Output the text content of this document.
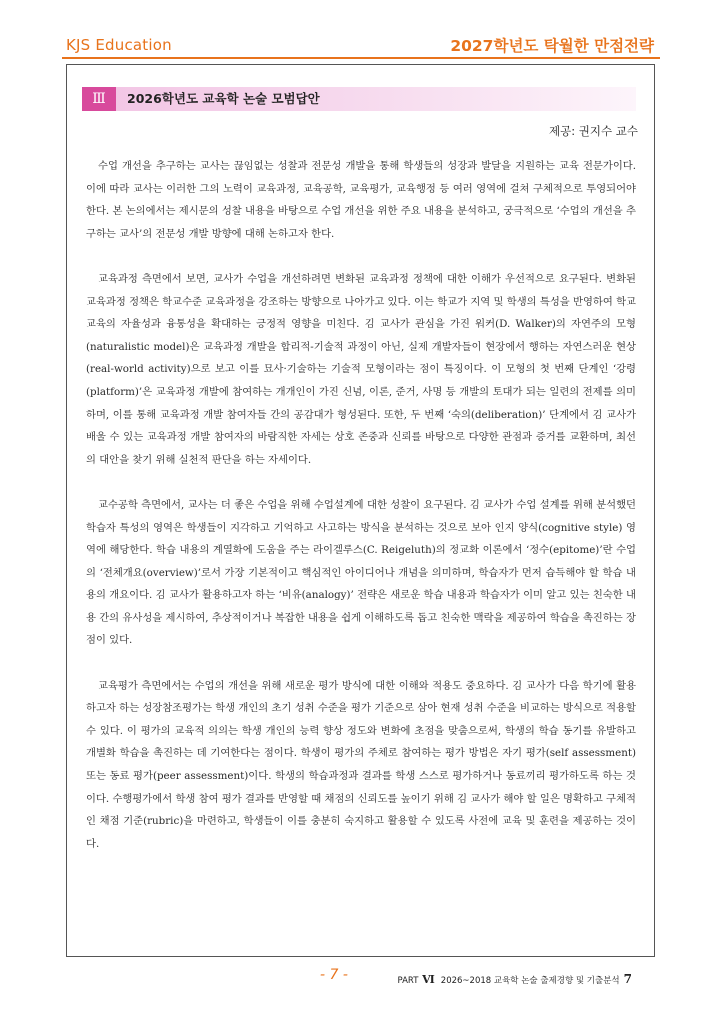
KJS Education	2027학년도 탁월한 만점전략
Ⅲ	2026학년도 교육학 논술 모범답안
제공: 권지수 교수

수업 개선을 추구하는 교사는 끊임없는 성찰과 전문성 개발을 통해 학생들의 성장과 발달을 지원하는 교육 전문가이다. 이에 따라 교사는 이러한 그의 노력이 교육과정, 교육공학, 교육평가, 교육행정 등 여러 영역에 걸쳐 구체적으로 투영되어야 한다. 본 논의에서는 제시문의 성찰 내용을 바탕으로 수업 개선을 위한 주요 내용을 분석하고, 궁극적으로 ‘수업의 개선을 추구하는 교사’의 전문성 개발 방향에 대해 논하고자 한다.

교육과정 측면에서 보면, 교사가 수업을 개선하려면 변화된 교육과정 정책에 대한 이해가 우선적으로 요구된다. 변화된 교육과정 정책은 학교수준 교육과정을 강조하는 방향으로 나아가고 있다. 이는 학교가 지역 및 학생의 특성을 반영하여 학교교육의 자율성과 융통성을 확대하는 긍정적 영향을 미친다. 김 교사가 관심을 가진 워커(D. Walker)의 자연주의 모형(naturalistic model)은 교육과정 개발을 합리적-기술적 과정이 아닌, 실제 개발자들이 현장에서 행하는 자연스러운 현상(real-world activity)으로 보고 이를 묘사·기술하는 기술적 모형이라는 점이 특징이다. 이 모형의 첫 번째 단계인 ‘강령(platform)’은 교육과정 개발에 참여하는 개개인이 가진 신념, 이론, 준거, 사명 등 개발의 토대가 되는 일련의 전제를 의미하며, 이를 통해 교육과정 개발 참여자들 간의 공감대가 형성된다. 또한, 두 번째 ‘숙의(deliberation)’ 단계에서 김 교사가 배울 수 있는 교육과정 개발 참여자의 바람직한 자세는 상호 존중과 신뢰를 바탕으로 다양한 관점과 증거를 교환하며, 최선의 대안을 찾기 위해 실천적 판단을 하는 자세이다.

교수공학 측면에서, 교사는 더 좋은 수업을 위해 수업설계에 대한 성찰이 요구된다. 김 교사가 수업 설계를 위해 분석했던 학습자 특성의 영역은 학생들이 지각하고 기억하고 사고하는 방식을 분석하는 것으로 보아 인지 양식(cognitive style) 영역에 해당한다. 학습 내용의 계열화에 도움을 주는 라이겔루스(C. Reigeluth)의 정교화 이론에서 ‘정수(epitome)’란 수업의 ‘전체개요(overview)’로서 가장 기본적이고 핵심적인 아이디어나 개념을 의미하며, 학습자가 먼저 습득해야 할 학습 내용의 개요이다. 김 교사가 활용하고자 하는 ‘비유(analogy)’ 전략은 새로운 학습 내용과 학습자가 이미 알고 있는 친숙한 내용 간의 유사성을 제시하여, 추상적이거나 복잡한 내용을 쉽게 이해하도록 돕고 친숙한 맥락을 제공하여 학습을 촉진하는 장점이 있다.

교육평가 측면에서는 수업의 개선을 위해 새로운 평가 방식에 대한 이해와 적용도 중요하다. 김 교사가 다음 학기에 활용하고자 하는 성장참조평가는 학생 개인의 초기 성취 수준을 평가 기준으로 삼아 현재 성취 수준을 비교하는 방식으로 적용할 수 있다. 이 평가의 교육적 의의는 학생 개인의 능력 향상 정도와 변화에 초점을 맞춤으로써, 학생의 학습 동기를 유발하고 개별화 학습을 촉진하는 데 기여한다는 점이다. 학생이 평가의 주체로 참여하는 평가 방법은 자기 평가(self assessment) 또는 동료 평가(peer assessment)이다. 학생의 학습과정과 결과를 학생 스스로 평가하거나 동료끼리 평가하도록 하는 것이다. 수행평가에서 학생 참여 평가 결과를 반영할 때 채점의 신뢰도를 높이기 위해 김 교사가 해야 할 일은 명확하고 구체적인 채점 기준(rubric)을 마련하고, 학생들이 이를 충분히 숙지하고 활용할 수 있도록 사전에 교육 및 훈련을 제공하는 것이다.

- 7 -	PART Ⅵ 2026~2018 교육학 논술 출제경향 및 기출분석 7
